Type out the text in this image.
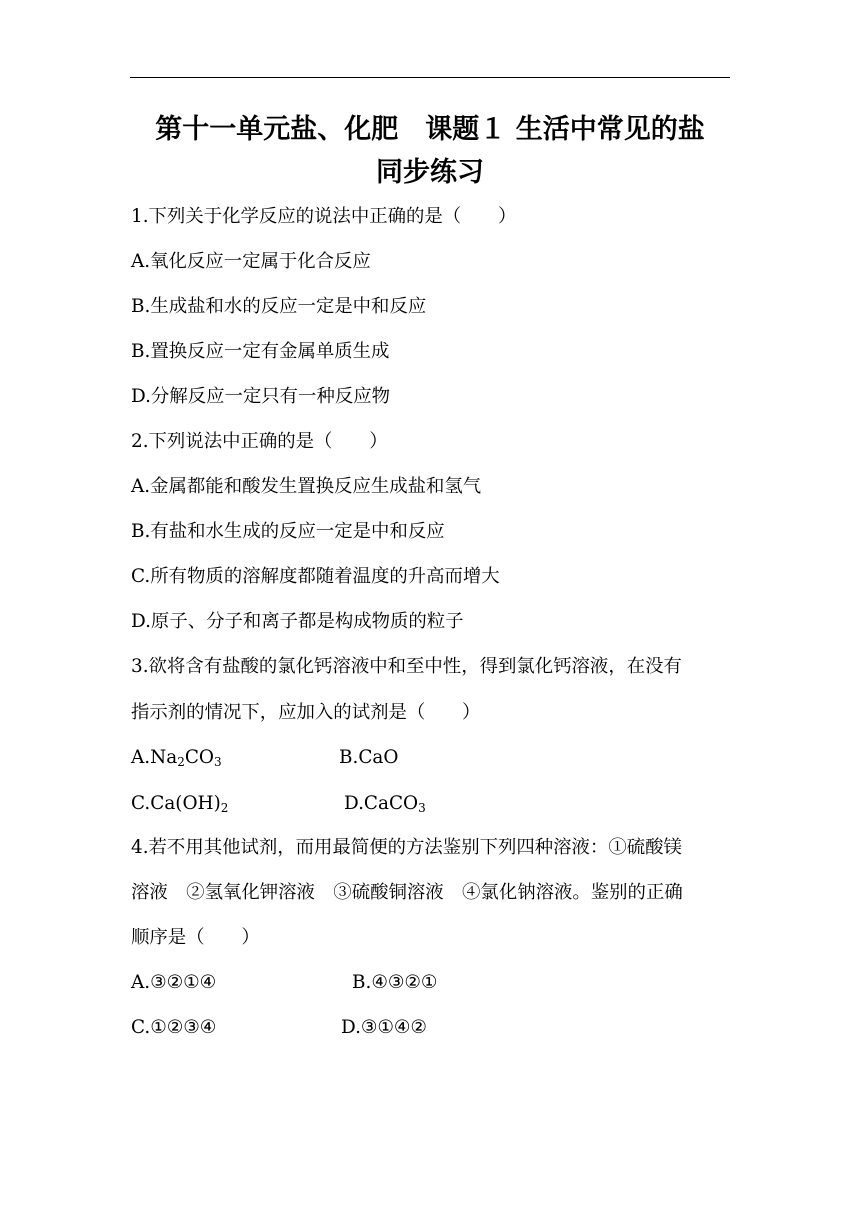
第十一单元盐、化肥　课题１ 生活中常见的盐
同步练习
1.下列关于化学反应的说法中正确的是（　　）
A.氧化反应一定属于化合反应
B.生成盐和水的反应一定是中和反应
B.置换反应一定有金属单质生成
D.分解反应一定只有一种反应物
2.下列说法中正确的是（　　）
A.金属都能和酸发生置换反应生成盐和氢气
B.有盐和水生成的反应一定是中和反应
C.所有物质的溶解度都随着温度的升高而增大
D.原子、分子和离子都是构成物质的粒子
3.欲将含有盐酸的氯化钙溶液中和至中性，得到氯化钙溶液，在没有
指示剂的情况下，应加入的试剂是（　　）
$A.Na_2CO_3$	B.CaO
$C.Ca(OH)_2$	D.CaCO$_3$
4.若不用其他试剂，而用最简便的方法鉴别下列四种溶液：①硫酸镁
溶液　②氢氧化钾溶液　③硫酸铜溶液　④氯化钠溶液。鉴别的正确
顺序是（　　）
A.③②①④	B.④③②①
C.①②③④	D.③①④②
